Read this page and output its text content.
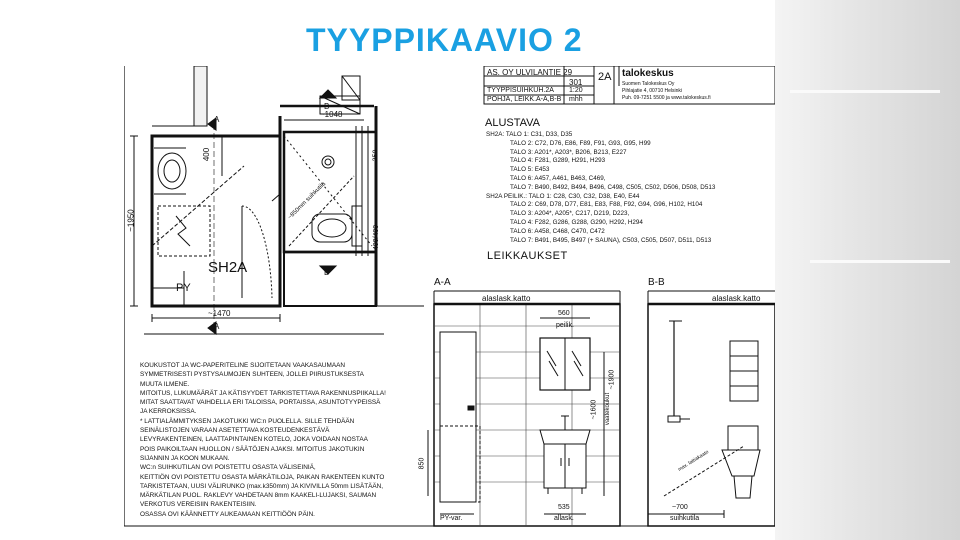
TYYPPIKAAVIO 2
SH2A
PY
~1470
~1950
~1048
400	350
~400/400
A
A
B
B
~850mm suihkutila
AS. OY ULVILANTIE 29
301 2A
TYYPPISUIHKUH.2A 1:20
POHJA, LEIKK.A-A,B-B mhh
talokeskus
Suomen Talokeskus Oy
Pihlajatie 4, 00710 Helsinki
Puh. 09-7251 5500 ja www.talokeskus.fi
A-A
alaslask.katto
560
peilik.
~1600 vaatekoukut
~1900
850
535
allask.
PY-var.
B-B
alaslask.katto
~700
suihkutila
max. lattiakaato
ALUSTAVA
SH2A: TALO 1: C31, D33, D35
TALO 2: C72, D76, E86, F89, F91, G93, G95, H99
TALO 3: A201*, A203*, B206, B213, E227
TALO 4: F281, G289, H291, H293
TALO 5: E453
TALO 6: A457, A461, B463, C469,
TALO 7: B490, B492, B494, B496, C498, C505, C502, D506, D508, D513
SH2A PEILIK.: TALO 1: C28, C30, C32, D38, E40, E44
TALO 2: C69, D78, D77, E81, E83, F88, F92, G94, G96, H102, H104
TALO 3: A204*, A205*, C217, D219, D223,
TALO 4: F282, G286, G288, G290, H292, H294
TALO 6: A458, C468, C470, C472
TALO 7: B491, B495, B497 (+ SAUNA), C503, C505, D507, D511, D513
LEIKKAUKSET
KOUKUSTOT JA WC-PAPERITELINE SIJOITETAAN VAAKASAUMAAN
SYMMETRISESTI PYSTYSAUMOJEN SUHTEEN, JOLLEI PIIRUSTUKSESTA
MUUTA ILMENE.
MITOITUS, LUKUMÄÄRÄT JA KÄTISYYDET TARKISTETTAVA RAKENNUSPIIKALLA!
MITAT SAATTAVAT VAIHDELLA ERI TALOISSA, PORTAISSA, ASUNTOTYYPEISSÄ
JA KERROKSISSA.
* LATTIALÄMMITYKSEN JAKOTUKKI WC:n PUOLELLA. SILLE TEHDÄÄN
SEINÄLISTOJEN VARAAN ASETETTAVA KOSTEUDENKESTÄVÄ
LEVYRAKENTEINEN, LAATTAPINTAINEN KOTELO, JOKA VOIDAAN NOSTAA
POIS PAIKOILTAAN HUOLLON / SÄÄTÖJEN AJAKSI. MITOITUS JAKOTUKIN
SIJANNIN JA KOON MUKAAN.
WC:n SUIHKUTILAN OVI POISTETTU OSASTA VÄLISEINIÄ,
KEITTIÖN OVI POISTETTU OSASTA MÄRKÄTILOJA, PAIKAN RAKENTEEN KUNTO
TARKISTETAAN, UUSI VÄLIRUNKO (max.k350mm) JA KIVIVILLA 50mm LISÄTÄÄN,
MÄRKÄTILAN PUOL. RAKLEVY VAHDETAAN 8mm KAAKELI-LUJAKSI, SAUMAN
VERKOTUS VEREISIIN RAKENTEISIIN.
OSASSA OVI KÄÄNNETTY AUKEAMAAN KEITTIÖÖN PÄIN.
